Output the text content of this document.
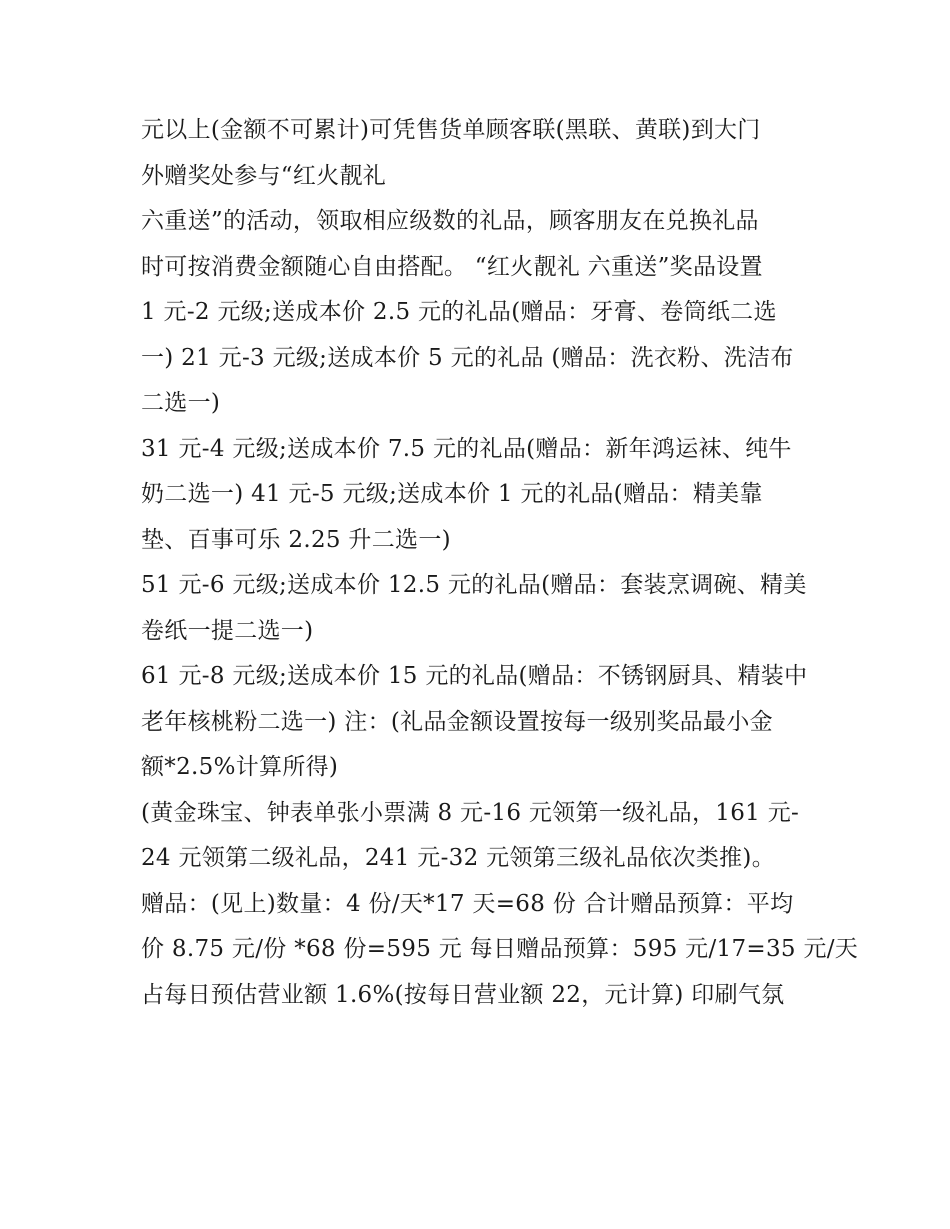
元以上(金额不可累计)可凭售货单顾客联(黑联、黄联)到大门
外赠奖处参与“红火靓礼
六重送”的活动，领取相应级数的礼品，顾客朋友在兑换礼品
时可按消费金额随心自由搭配。 “红火靓礼 六重送”奖品设置
1 元-2 元级;送成本价 2.5 元的礼品(赠品：牙膏、卷筒纸二选
一) 21 元-3 元级;送成本价 5 元的礼品 (赠品：洗衣粉、洗洁布
二选一)
31 元-4 元级;送成本价 7.5 元的礼品(赠品：新年鸿运袜、纯牛
奶二选一) 41 元-5 元级;送成本价 1 元的礼品(赠品：精美靠
垫、百事可乐 2.25 升二选一)
51 元-6 元级;送成本价 12.5 元的礼品(赠品：套装烹调碗、精美
卷纸一提二选一)
61 元-8 元级;送成本价 15 元的礼品(赠品：不锈钢厨具、精装中
老年核桃粉二选一) 注：(礼品金额设置按每一级别奖品最小金
额*2.5%计算所得)
(黄金珠宝、钟表单张小票满 8 元-16 元领第一级礼品，161 元-
24 元领第二级礼品，241 元-32 元领第三级礼品依次类推)。
赠品：(见上)数量：4 份/天*17 天=68 份 合计赠品预算：平均
价 8.75 元/份 *68 份=595 元 每日赠品预算：595 元/17=35 元/天
占每日预估营业额 1.6%(按每日营业额 22，元计算) 印刷气氛
